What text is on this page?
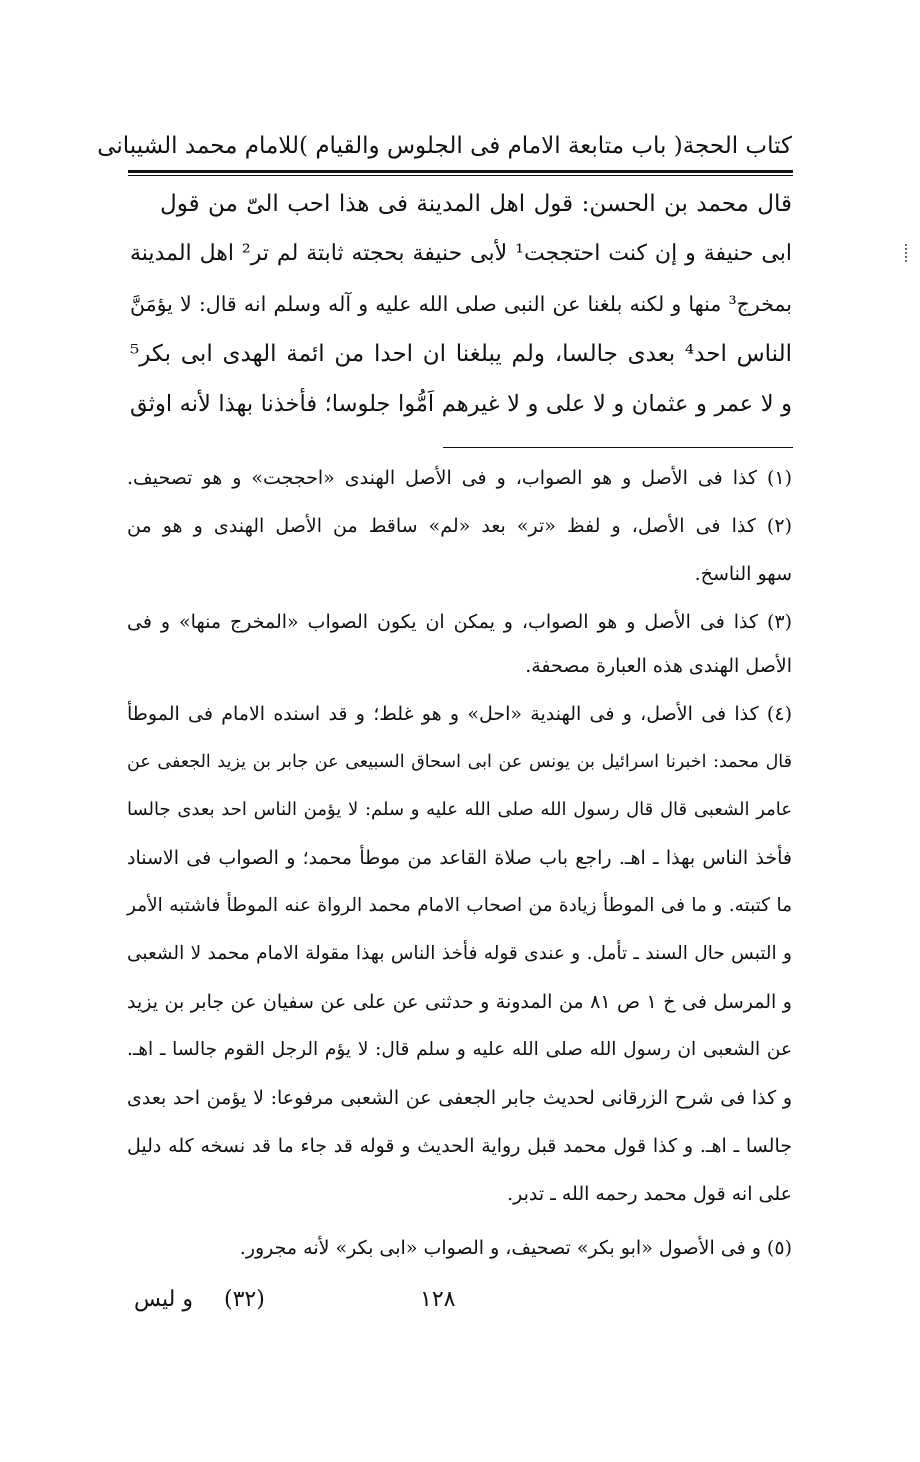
كتاب الحجة
( باب متابعة الامام فى الجلوس والقيام )
للامام محمد الشيبانى
قال محمد بن الحسن: قول اهل المدينة فى هذا احب الىّ من قول
ابى حنيفة و إن كنت احتججت¹ لأبى حنيفة بحجته ثابتة لم تر² اهل المدينة
بمخرج³ منها و لكنه بلغنا عن النبى صلى الله عليه و آله وسلم انه قال: لا يؤمَنَّ
الناس احد⁴ بعدى جالسا، ولم يبلغنا ان احدا من ائمة الهدى ابى بكر⁵
و لا عمر و عثمان و لا على و لا غيرهم اَمُّوا جلوسا؛ فأخذنا بهذا لأنه اوثق
(١) كذا فى الأصل و هو الصواب، و فى الأصل الهندى «احججت» و هو تصحيف.
(٢) كذا فى الأصل، و لفظ «تر» بعد «لم» ساقط من الأصل الهندى و هو من
سهو الناسخ.
(٣) كذا فى الأصل و هو الصواب، و يمكن ان يكون الصواب «المخرج منها» و فى
الأصل الهندى هذه العبارة مصحفة.
(٤) كذا فى الأصل، و فى الهندية «احل» و هو غلط؛ و قد اسنده الامام فى الموطأ
قال محمد: اخبرنا اسرائيل بن يونس عن ابى اسحاق السبيعى عن جابر بن يزيد الجعفى عن
عامر الشعبى قال قال رسول الله صلى الله عليه و سلم: لا يؤمن الناس احد بعدى جالسا
فأخذ الناس بهذا ـ اهـ. راجع باب صلاة القاعد من موطأ محمد؛ و الصواب فى الاسناد
ما كتبته. و ما فى الموطأ زيادة من اصحاب الامام محمد الرواة عنه الموطأ فاشتبه الأمر
و التبس حال السند ـ تأمل. و عندى قوله فأخذ الناس بهذا مقولة الامام محمد لا الشعبى
و المرسل فى خ ١ ص ٨١ من المدونة و حدثنى عن على عن سفيان عن جابر بن يزيد
عن الشعبى ان رسول الله صلى الله عليه و سلم قال: لا يؤم الرجل القوم جالسا ـ اهـ.
و كذا فى شرح الزرقانى لحديث جابر الجعفى عن الشعبى مرفوعا: لا يؤمن احد بعدى
جالسا ـ اهـ. و كذا قول محمد قبل رواية الحديث و قوله قد جاء ما قد نسخه كله دليل
على انه قول محمد رحمه الله ـ تدبر.
(٥) و فى الأصول «ابو بكر» تصحيف، و الصواب «ابى بكر» لأنه مجرور.
١٢٨
(٣٢)
و ليس
